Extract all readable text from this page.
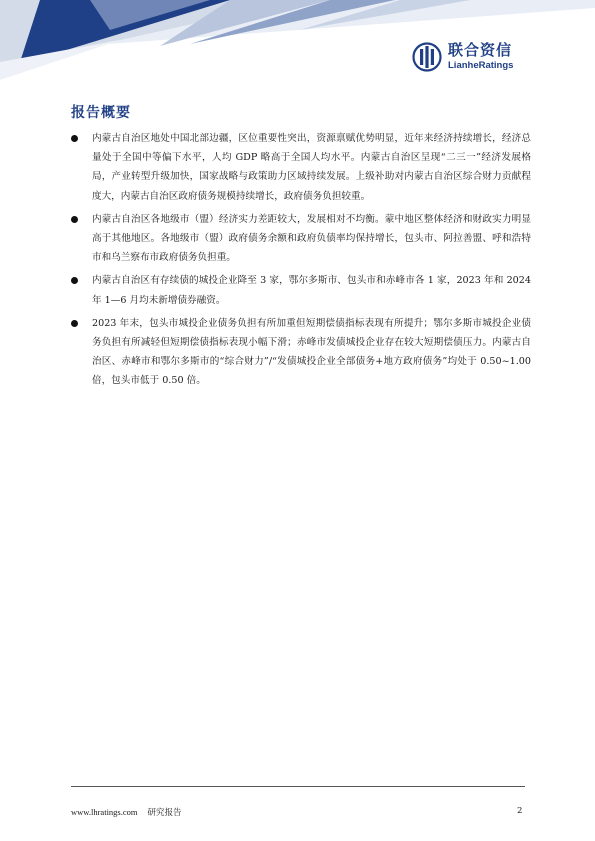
联合资信
LianheRatings
报告概要
内蒙古自治区地处中国北部边疆，区位重要性突出，资源禀赋优势明显，近年来经济持续增长，经济总量处于全国中等偏下水平，人均 GDP 略高于全国人均水平。内蒙古自治区呈现“二三一”经济发展格局，产业转型升级加快，国家战略与政策助力区域持续发展。上级补助对内蒙古自治区综合财力贡献程度大，内蒙古自治区政府债务规模持续增长，政府债务负担较重。
内蒙古自治区各地级市（盟）经济实力差距较大，发展相对不均衡。蒙中地区整体经济和财政实力明显高于其他地区。各地级市（盟）政府债务余额和政府负债率均保持增长，包头市、阿拉善盟、呼和浩特市和乌兰察布市政府债务负担重。
内蒙古自治区有存续债的城投企业降至 3 家，鄂尔多斯市、包头市和赤峰市各 1 家，2023 年和 2024 年 1—6 月均未新增债券融资。
2023 年末，包头市城投企业债务负担有所加重但短期偿债指标表现有所提升；鄂尔多斯市城投企业债务负担有所减轻但短期偿债指标表现小幅下滑；赤峰市发债城投企业存在较大短期偿债压力。内蒙古自治区、赤峰市和鄂尔多斯市的“综合财力”/“发债城投企业全部债务+地方政府债务”均处于 0.50~1.00 倍，包头市低于 0.50 倍。
www.lhratings.com 研究报告	2
